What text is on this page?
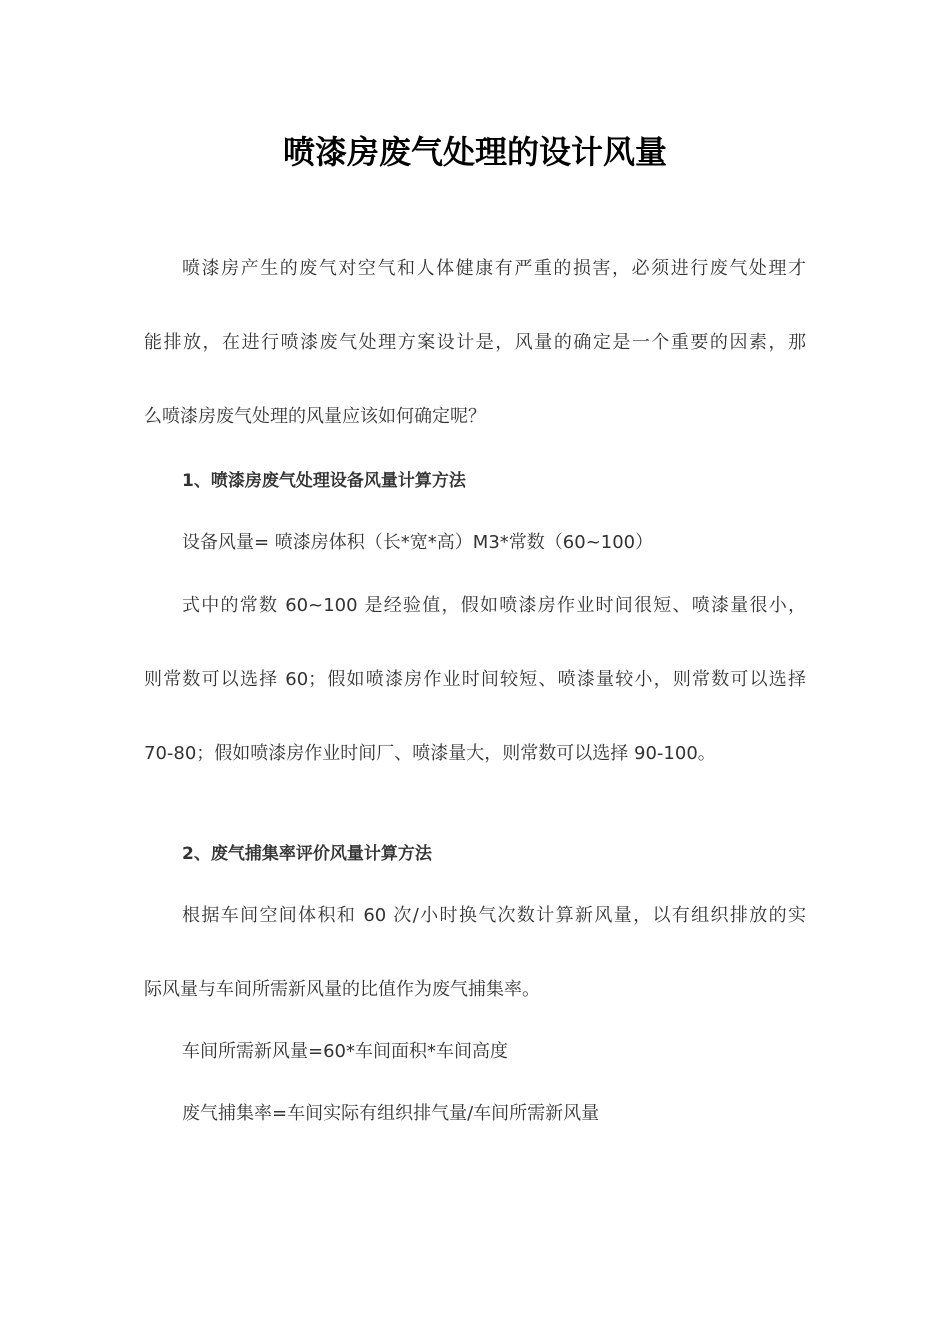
喷漆房废气处理的设计风量

喷漆房产生的废气对空气和人体健康有严重的损害，必须进行废气处理才

能排放，在进行喷漆废气处理方案设计是，风量的确定是一个重要的因素，那

么喷漆房废气处理的风量应该如何确定呢？

1、喷漆房废气处理设备风量计算方法

设备风量= 喷漆房体积（长*宽*高）M3*常数（60~100）

式中的常数 60~100 是经验值，假如喷漆房作业时间很短、喷漆量很小，

则常数可以选择 60；假如喷漆房作业时间较短、喷漆量较小，则常数可以选择

70-80；假如喷漆房作业时间厂、喷漆量大，则常数可以选择 90-100。

2、废气捕集率评价风量计算方法

根据车间空间体积和 60 次/小时换气次数计算新风量，以有组织排放的实

际风量与车间所需新风量的比值作为废气捕集率。

车间所需新风量=60*车间面积*车间高度

废气捕集率=车间实际有组织排气量/车间所需新风量
